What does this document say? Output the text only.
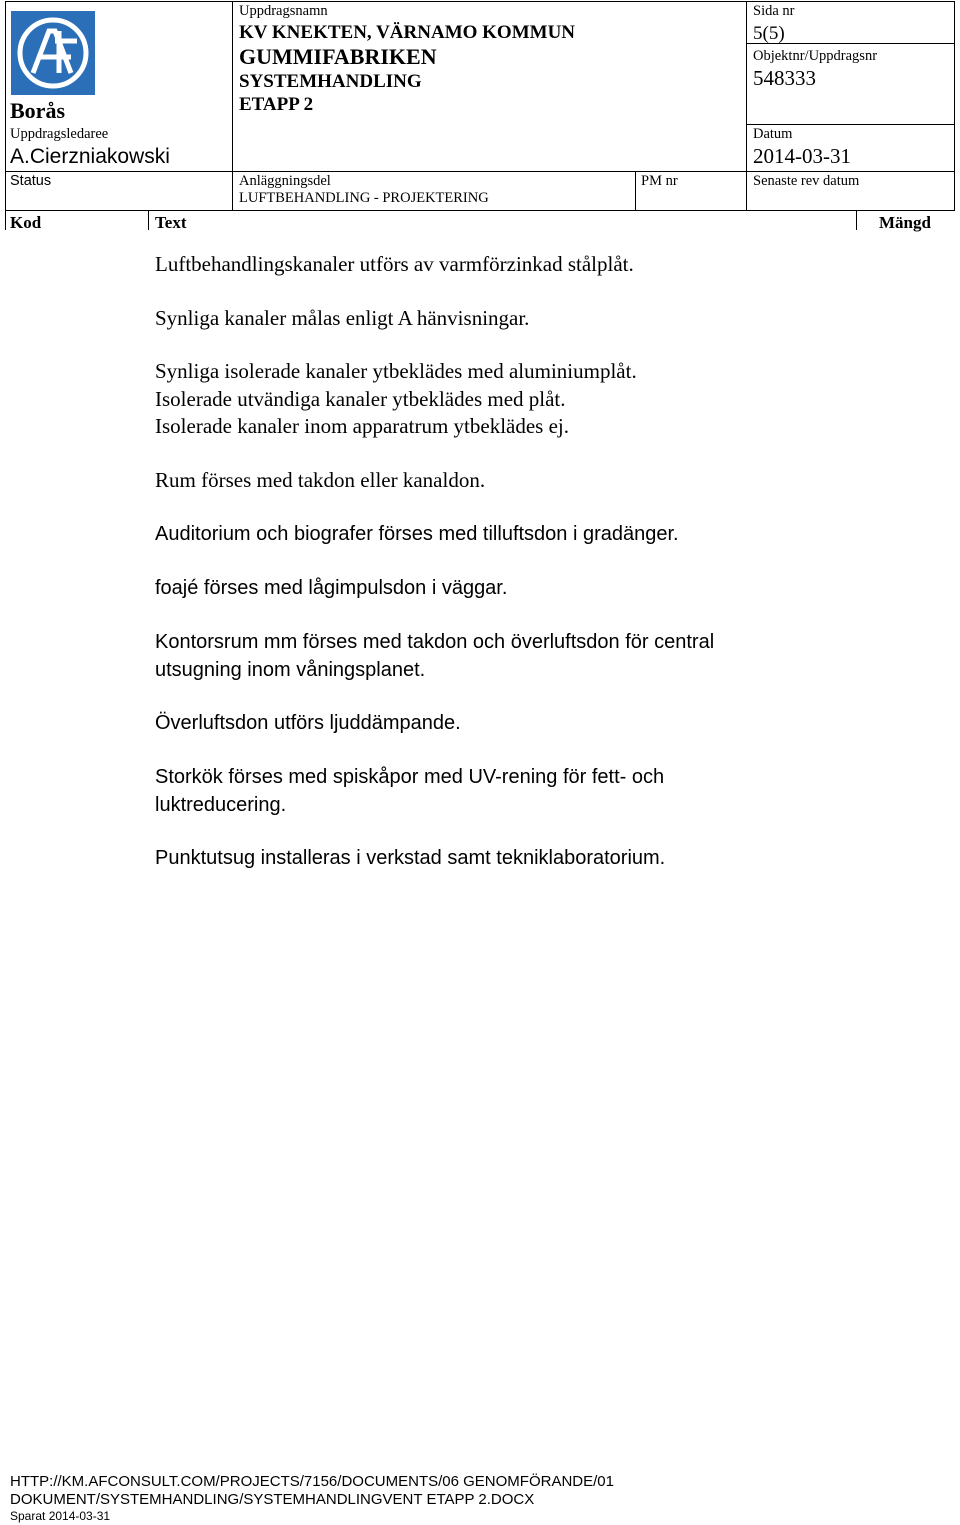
Borås
Uppdragsledaree
A.Cierzniakowski
Status
Uppdragsnamn
KV KNEKTEN, VÄRNAMO KOMMUN
GUMMIFABRIKEN
SYSTEMHANDLING
ETAPP 2
Anläggningsdel
LUFTBEHANDLING - PROJEKTERING
PM nr
Sida nr
5(5)
Objektnr/Uppdragsnr
548333
Datum
2014-03-31
Senaste rev datum
Kod	Text	Mängd
Luftbehandlingskanaler utförs av varmförzinkad stålplåt.
Synliga kanaler målas enligt A hänvisningar.
Synliga isolerade kanaler ytbeklädes med aluminiumplåt.
Isolerade utvändiga kanaler ytbeklädes med plåt.
Isolerade kanaler inom apparatrum ytbeklädes ej.
Rum förses med takdon eller kanaldon.
Auditorium och biografer förses med tilluftsdon i gradänger.
foajé förses med lågimpulsdon i väggar.
Kontorsrum mm förses med takdon och överluftsdon för central
utsugning inom våningsplanet.
Överluftsdon utförs ljuddämpande.
Storkök förses med spiskåpor med UV-rening för fett- och
luktreducering.
Punktutsug installeras i verkstad samt tekniklaboratorium.
HTTP://KM.AFCONSULT.COM/PROJECTS/7156/DOCUMENTS/06 GENOMFÖRANDE/01
DOKUMENT/SYSTEMHANDLING/SYSTEMHANDLINGVENT ETAPP 2.DOCX
Sparat 2014-03-31
